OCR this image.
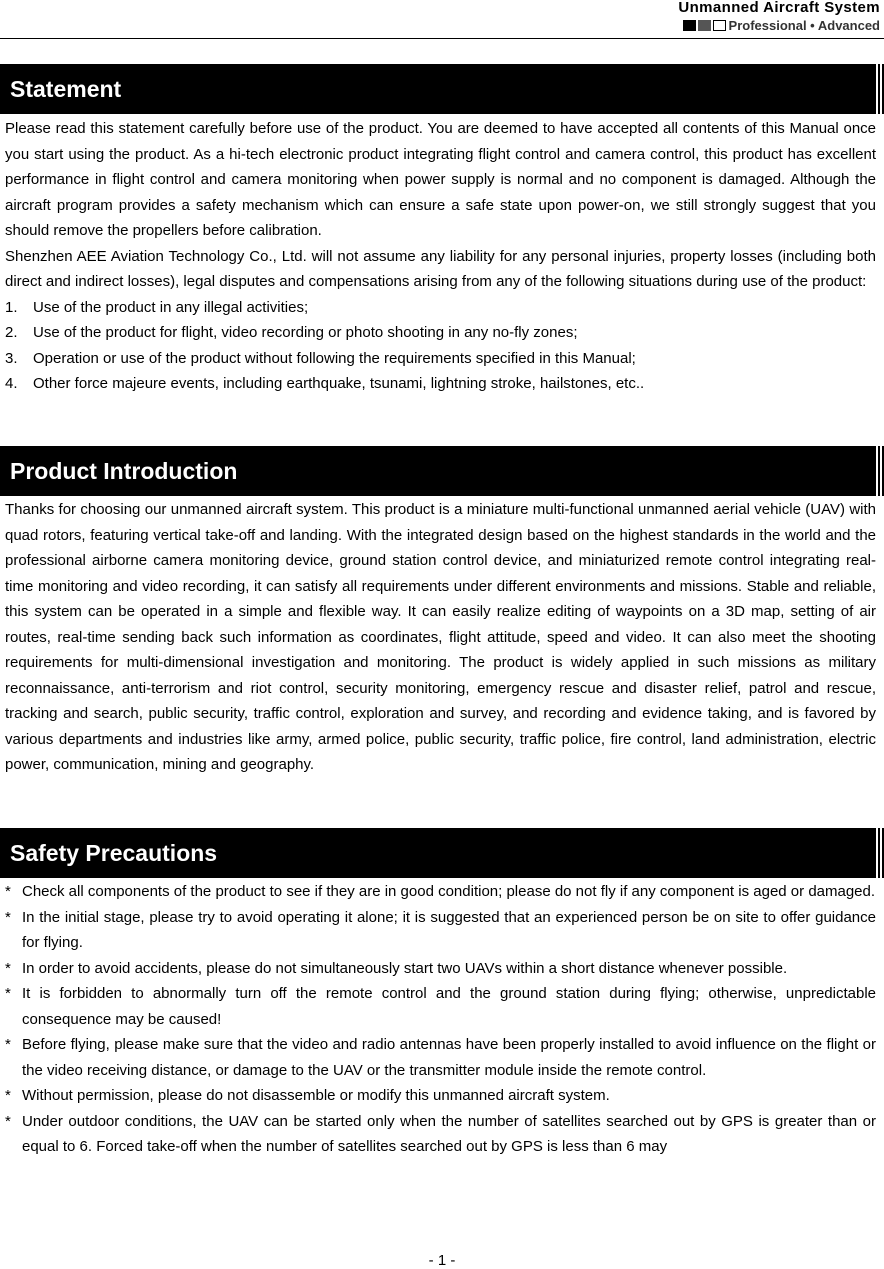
Unmanned Aircraft System
Professional • Advanced
Statement

Please read this statement carefully before use of the product. You are deemed to have accepted all contents of this Manual once you start using the product. As a hi-tech electronic product integrating flight control and camera control, this product has excellent performance in flight control and camera monitoring when power supply is normal and no component is damaged. Although the aircraft program provides a safety mechanism which can ensure a safe state upon power-on, we still strongly suggest that you should remove the propellers before calibration.

Shenzhen AEE Aviation Technology Co., Ltd. will not assume any liability for any personal injuries, property losses (including both direct and indirect losses), legal disputes and compensations arising from any of the following situations during use of the product:

1. Use of the product in any illegal activities;
2. Use of the product for flight, video recording or photo shooting in any no-fly zones;
3. Operation or use of the product without following the requirements specified in this Manual;
4. Other force majeure events, including earthquake, tsunami, lightning stroke, hailstones, etc..
Product Introduction

Thanks for choosing our unmanned aircraft system. This product is a miniature multi-functional unmanned aerial vehicle (UAV) with quad rotors, featuring vertical take-off and landing. With the integrated design based on the highest standards in the world and the professional airborne camera monitoring device, ground station control device, and miniaturized remote control integrating real-time monitoring and video recording, it can satisfy all requirements under different environments and missions. Stable and reliable, this system can be operated in a simple and flexible way. It can easily realize editing of waypoints on a 3D map, setting of air routes, real-time sending back such information as coordinates, flight attitude, speed and video. It can also meet the shooting requirements for multi-dimensional investigation and monitoring. The product is widely applied in such missions as military reconnaissance, anti-terrorism and riot control, security monitoring, emergency rescue and disaster relief, patrol and rescue, tracking and search, public security, traffic control, exploration and survey, and recording and evidence taking, and is favored by various departments and industries like army, armed police, public security, traffic police, fire control, land administration, electric power, communication, mining and geography.

Safety Precautions
* Check all components of the product to see if they are in good condition; please do not fly if any component is aged or damaged.
* In the initial stage, please try to avoid operating it alone; it is suggested that an experienced person be on site to offer guidance for flying.
* In order to avoid accidents, please do not simultaneously start two UAVs within a short distance whenever possible.
* It is forbidden to abnormally turn off the remote control and the ground station during flying; otherwise, unpredictable consequence may be caused!
* Before flying, please make sure that the video and radio antennas have been properly installed to avoid influence on the flight or the video receiving distance, or damage to the UAV or the transmitter module inside the remote control.
* Without permission, please do not disassemble or modify this unmanned aircraft system.
* Under outdoor conditions, the UAV can be started only when the number of satellites searched out by GPS is greater than or equal to 6. Forced take-off when the number of satellites searched out by GPS is less than 6 may
- 1 -
